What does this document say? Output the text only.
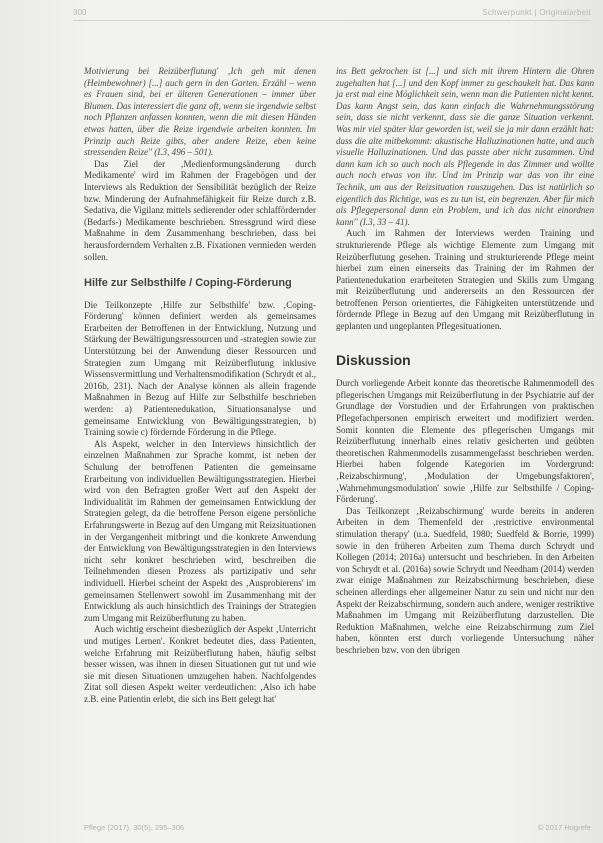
300	Schwerpunkt | Originalarbeit

Motivierung bei Reizüberflutung' ‚Ich geh mit denen (Heimbewohner) [...] auch gern in den Garten. Erzähl – wenn es Frauen sind, bei er älteren Generationen – immer über Blumen. Das interessiert die ganz oft, wenn sie irgendwie selbst noch Pflanzen anfassen konnten, wenn die mit diesen Händen etwas hatten, über die Reize irgendwie arbeiten konnten. Im Prinzip auch Reize gibts, aber andere Reize, eben keine stressenden Reize'' (I.3, 496 – 501).

Das Ziel der ‚Medienformungsänderung durch Medikamente' wird im Rahmen der Fragebögen und der Interviews als Reduktion der Sensibilität bezüglich der Reize bzw. Minderung der Aufnahmefähigkeit für Reize durch z.B. Sedativa, die Vigilanz mittels sedierender oder schlaffördernder (Bedarfs-) Medikamente beschrieben. Stressgrund wird diese Maßnahme in dem Zusammenhang beschrieben, dass bei herausforderndem Verhalten z.B. Fixationen vermieden werden sollen.

Hilfe zur Selbsthilfe / Coping-Förderung

Die Teilkonzepte ‚Hilfe zur Selbsthilfe' bzw. ‚Coping-Förderung' können definiert werden als gemeinsames Erarbeiten der Betroffenen in der Entwicklung, Nutzung und Stärkung der Bewältigungsressourcen und -strategien sowie zur Unterstützung bei der Anwendung dieser Ressourcen und Strategien zum Umgang mit Reizüberflutung inklusive Wissensvermittlung und Verhaltensmodifikation (Schrydt et al., 2016b, 231). Nach der Analyse können als allein fragende Maßnahmen in Bezug auf Hilfe zur Selbsthilfe beschrieben werden: a) Patientenedukation, Situationsanalyse und gemeinsame Entwicklung von Bewältigungsstrategien, b) Training sowie c) fördernde Förderung in die Pflege.

Als Aspekt, welcher in den Interviews hinsichtlich der einzelnen Maßnahmen zur Sprache kommt, ist neben der Schulung der betroffenen Patienten die gemeinsame Erarbeitung von individuellen Bewältigungsstrategien. Hierbei wird von den Befragten großer Wert auf den Aspekt der Individualität im Rahmen der gemeinsamen Entwicklung der Strategien gelegt, da die betroffene Person eigene persönliche Erfahrungswerte in Bezug auf den Umgang mit Reizsituationen in der Vergangenheit mitbringt und die konkrete Anwendung der Entwicklung von Bewältigungsstrategien in den Interviews nicht sehr konkret beschrieben wird, beschreiben die Teilnehmenden diesen Prozess als partizipativ und sehr individuell. Hierbei scheint der Aspekt des ‚Ausprobierens' im gemeinsamen Stellenwert sowohl im Zusammenhang mit der Entwicklung als auch hinsichtlich des Trainings der Strategien zum Umgang mit Reizüberflutung zu haben.

Auch wichtig erscheint diesbezüglich der Aspekt ‚Unterricht und mutiges Lernen'. Konkret bedeutet dies, dass Patienten, welche Erfahrung mit Reizüberflutung haben, häufig selbst besser wissen, was ihnen in diesen Situationen gut tut und wie sie mit diesen Situationen umzugehen haben. Nachfolgendes Zitat soll diesen Aspekt weiter verdeutlichen: ‚Also ich habe z.B. eine Patientin erlebt, die sich ins Bett gelegt hat'

ins Bett gekrochen ist [...] und sich mit ihrem Hintern die Ohren zugehalten hat [...] und den Kopf immer zu geschaukelt hat. Das kann ja erst mal eine Möglichkeit sein, wenn man die Patienten nicht kennt. Das kann Angst sein, das kann einfach die Wahrnehmungsstörung sein, dass sie nicht verkennt, dass sie die ganze Situation verkennt. Was mir viel später klar geworden ist, weil sie ja mir dann erzählt hat: dass die alte mitbekommt: akustische Halluzinationen hatte, und auch visuelle Halluzinationen. Und das passte aber nicht zusammen. Und dann kam ich so auch noch als Pflegende in das Zimmer und wollte auch noch etwas von ihr. Und im Prinzip war das von ihr eine Technik, um aus der Reizsituation rauszugehen. Das ist natürlich so eigentlich das Richtige, was es zu tun ist, ein begrenzen. Aber für mich als Pflegepersonal dann ein Problem, und ich das nicht einordnen kann'' (I.3, 33 – 41).

Auch im Rahmen der Interviews werden Training und strukturierende Pflege als wichtige Elemente zum Umgang mit Reizüberflutung gesehen. Training und strukturierende Pflege meint hierbei zum einen einerseits das Training der im Rahmen der Patientenedukation erarbeiteten Strategien und Skills zum Umgang mit Reizüberflutung und andererseits an den Ressourcen der betroffenen Person orientiertes, die Fähigkeiten unterstützende und fördernde Pflege in Bezug auf den Umgang mit Reizüberflutung in geplanten und ungeplanten Pflegesituationen.

Diskussion

Durch vorliegende Arbeit konnte das theoretische Rahmenmodell des pflegerischen Umgangs mit Reizüberflutung in der Psychiatrie auf der Grundlage der Vorstudien und der Erfahrungen von praktischen Pflegefachpersonen empirisch erweitert und modifiziert werden. Somit konnten die Elemente des pflegerischen Umgangs mit Reizüberflutung innerhalb eines relativ gesicherten und geübten theoretischen Rahmenmodells zusammengefasst beschrieben werden. Hierbei haben folgende Kategorien im Vordergrund: ‚Reizabschirmung', ‚Modulation der Umgebungsfaktoren', ‚Wahrnehmungsmodulation' sowie ‚Hilfe zur Selbsthilfe / Coping-Förderung'.

Das Teilkonzept ‚Reizabschirmung' wurde bereits in anderen Arbeiten in dem Themenfeld der ‚restrictive environmental stimulation therapy' (u.a. Suedfeld, 1980; Suedfeld & Borrie, 1999) sowie in den früheren Arbeiten zum Thema durch Schrydt und Kollegen (2014; 2016a) untersucht und beschrieben. In den Arbeiten von Schrydt et al. (2016a) sowie Schrydt und Needham (2014) werden zwar einige Maßnahmen zur Reizabschirmung beschrieben, diese scheinen allerdings eher allgemeiner Natur zu sein und nicht nur den Aspekt der Reizabschirmung, sondern auch andere, weniger restriktive Maßnahmen im Umgang mit Reizüberflutung darzustellen. Die Reduktion Maßnahmen, welche eine Reizabschirmung zum Ziel haben, könnten erst durch vorliegende Untersuchung näher beschrieben bzw. von den übrigen

Pflege (2017), 30(5), 295–306	© 2017 Hogrefe
